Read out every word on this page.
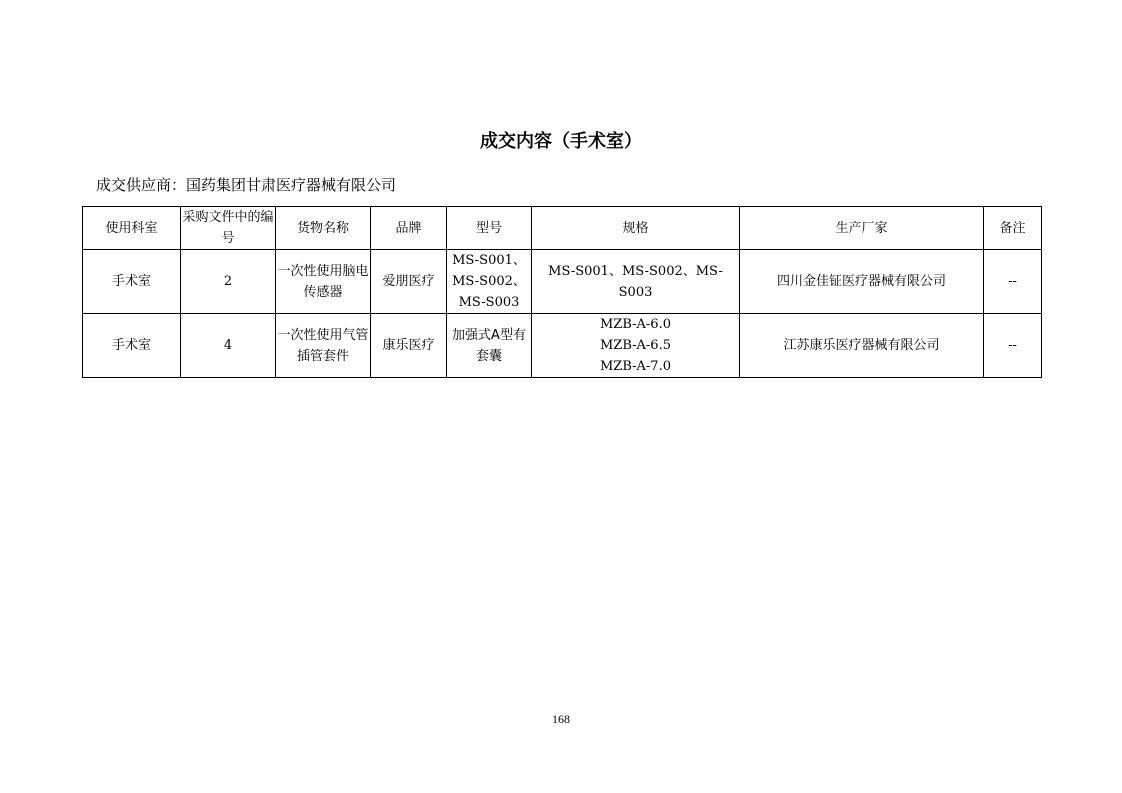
成交内容（手术室）
成交供应商：国药集团甘肃医疗器械有限公司
使用科室	采购文件中的编号	货物名称	品牌	型号	规格	生产厂家	备注
手术室	2	一次性使用脑电传感器	爱朋医疗	MS-S001、
MS-S002、
MS-S003	MS-S001、MS-S002、MS-S003	四川金佳钲医疗器械有限公司	--
手术室	4	一次性使用气管插管套件	康乐医疗	加强式A型有套囊	MZB-A-6.0
MZB-A-6.5
MZB-A-7.0	江苏康乐医疗器械有限公司	--
168
